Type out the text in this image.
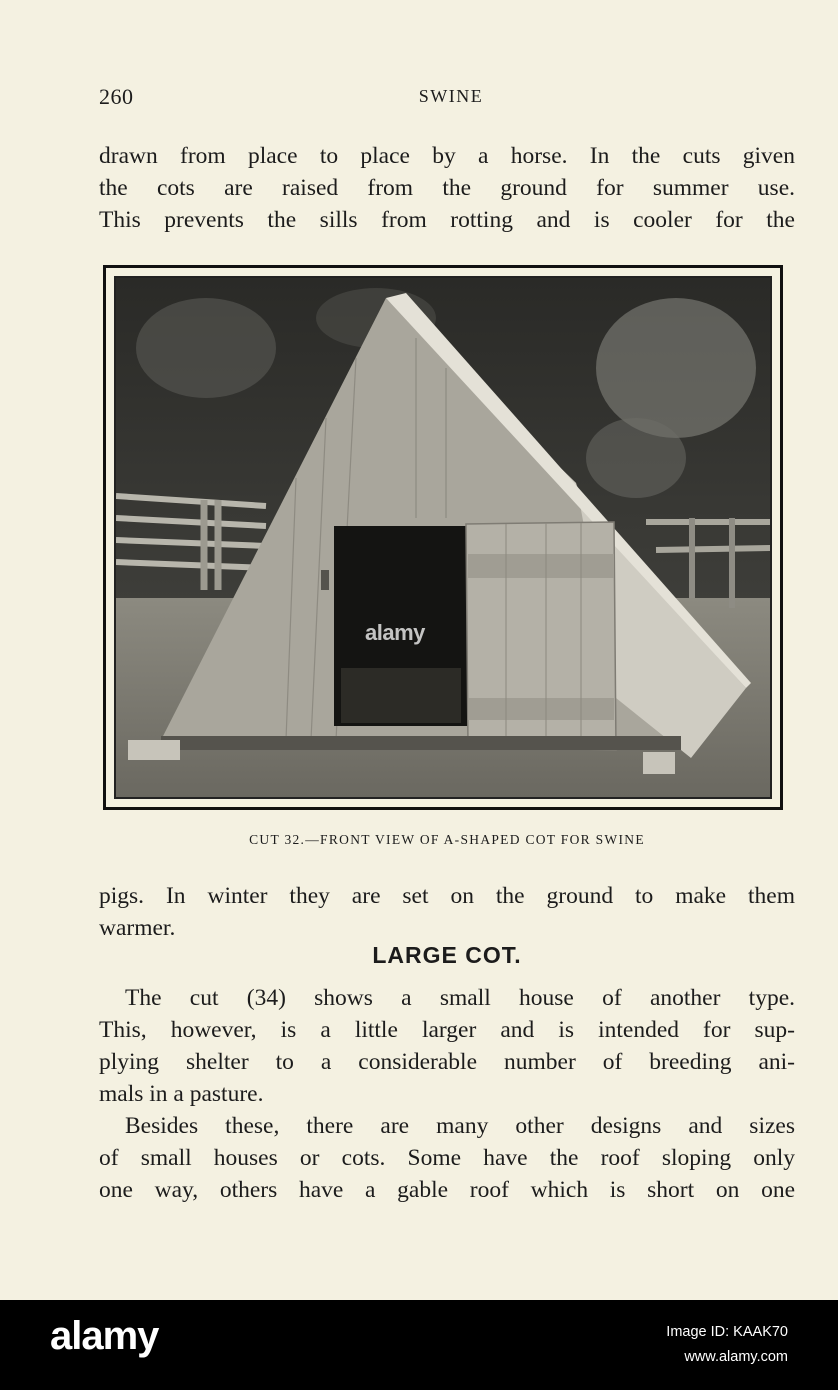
260	SWINE
drawn from place to place by a horse. In the cuts given
the cots are raised from the ground for summer use.
This prevents the sills from rotting and is cooler for the
alamy
CUT 32.—FRONT VIEW OF A-SHAPED COT FOR SWINE
pigs. In winter they are set on the ground to make them
warmer.
LARGE COT.
The cut (34) shows a small house of another type.
This, however, is a little larger and is intended for sup-
plying shelter to a considerable number of breeding ani-
mals in a pasture.
Besides these, there are many other designs and sizes
of small houses or cots. Some have the roof sloping only
one way, others have a gable roof which is short on one
alamy	Image ID: KAAK70
www.alamy.com
